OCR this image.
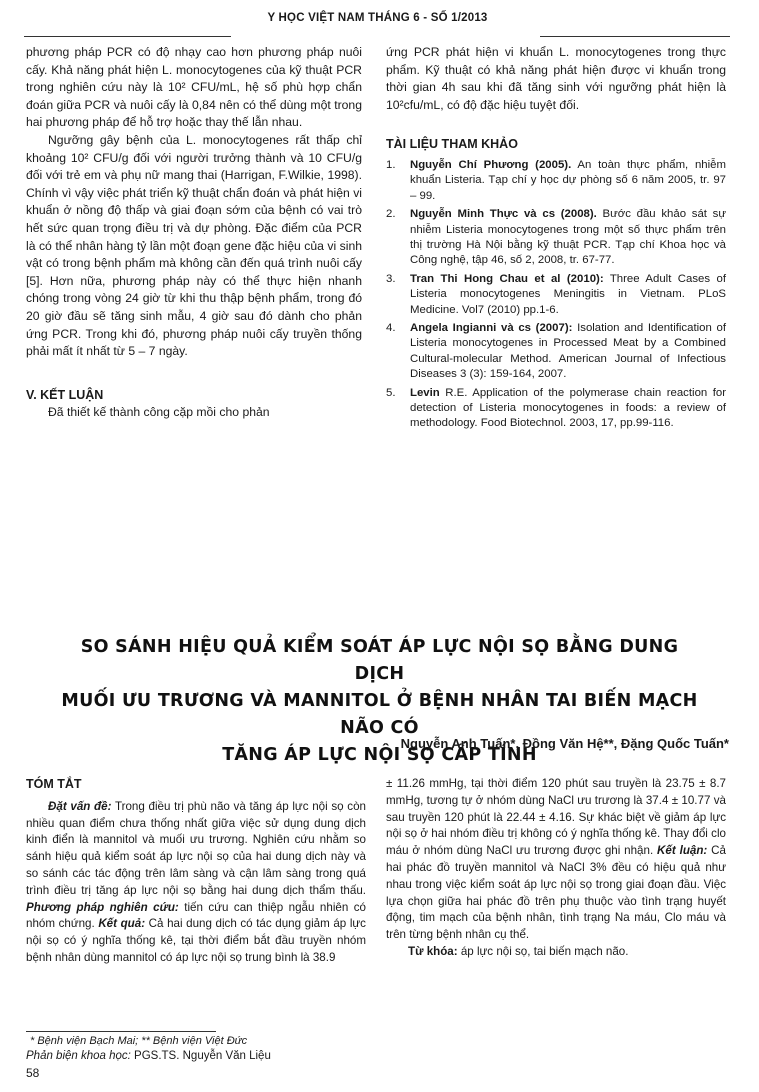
Y HỌC VIỆT NAM THÁNG 6 - SỐ 1/2013

phương pháp PCR có độ nhạy cao hơn phương pháp nuôi cấy. Khả năng phát hiện L. monocytogenes của kỹ thuật PCR trong nghiên cứu này là 10² CFU/mL, hệ số phù hợp chẩn đoán giữa PCR và nuôi cấy là 0,84 nên có thể dùng một trong hai phương pháp để hỗ trợ hoặc thay thế lẫn nhau.

Ngưỡng gây bệnh của L. monocytogenes rất thấp chỉ khoảng 10² CFU/g đối với người trưởng thành và 10 CFU/g đối với trẻ em và phụ nữ mang thai (Harrigan, F.Wilkie, 1998). Chính vì vậy việc phát triển kỹ thuật chẩn đoán và phát hiện vi khuẩn ở nồng độ thấp và giai đoạn sớm của bệnh có vai trò hết sức quan trọng điều trị và dự phòng. Đặc điểm của PCR là có thể nhân hàng tỷ lần một đoạn gene đặc hiệu của vi sinh vật có trong bệnh phẩm mà không cần đến quá trình nuôi cấy [5]. Hơn nữa, phương pháp này có thể thực hiện nhanh chóng trong vòng 24 giờ từ khi thu thập bệnh phẩm, trong đó 20 giờ đầu sẽ tăng sinh mẫu, 4 giờ sau đó dành cho phản ứng PCR. Trong khi đó, phương pháp nuôi cấy truyền thống phải mất ít nhất từ 5 – 7 ngày.

V. KẾT LUẬN

Đã thiết kế thành công cặp mồi cho phản

ứng PCR phát hiện vi khuẩn L. monocytogenes trong thực phẩm. Kỹ thuật có khả năng phát hiện được vi khuẩn trong thời gian 4h sau khi đã tăng sinh với ngưỡng phát hiện là 10²cfu/mL, có độ đặc hiệu tuyệt đối.

TÀI LIỆU THAM KHẢO
1.	Nguyễn Chí Phương (2005). An toàn thực phẩm, nhiễm khuẩn Listeria. Tạp chí y học dự phòng số 6 năm 2005, tr. 97 – 99.
2.	Nguyễn Minh Thực và cs (2008). Bước đầu khảo sát sự nhiễm Listeria monocytogenes trong một số thực phẩm trên thị trường Hà Nội bằng kỹ thuật PCR. Tạp chí Khoa học và Công nghệ, tập 46, số 2, 2008, tr. 67-77.
3.	Tran Thi Hong Chau et al (2010): Three Adult Cases of Listeria monocytogenes Meningitis in Vietnam. PLoS Medicine. Vol7 (2010) pp.1-6.
4.	Angela Ingianni và cs (2007): Isolation and Identification of Listeria monocytogenes in Processed Meat by a Combined Cultural-molecular Method. American Journal of Infectious Diseases 3 (3): 159-164, 2007.
5.	Levin R.E. Application of the polymerase chain reaction for detection of Listeria monocytogenes in foods: a review of methodology. Food Biotechnol. 2003, 17, pp.99-116.
SO SÁNH HIỆU QUẢ KIỂM SOÁT ÁP LỰC NỘI SỌ BẰNG DUNG DỊCH
MUỐI ƯU TRƯƠNG VÀ MANNITOL Ở BỆNH NHÂN TAI BIẾN MẠCH NÃO CÓ
TĂNG ÁP LỰC NỘI SỌ CẤP TÍNH
Nguyễn Anh Tuấn*, Đồng Văn Hệ**, Đặng Quốc Tuấn*
TÓM TẮT

Đặt vấn đề: Trong điều trị phù não và tăng áp lực nội sọ còn nhiều quan điểm chưa thống nhất giữa việc sử dụng dung dịch kinh điển là mannitol và muối ưu trương. Nghiên cứu nhằm so sánh hiệu quả kiểm soát áp lực nội sọ của hai dung dịch này và so sánh các tác động trên lâm sàng và cận lâm sàng trong quá trình điều trị tăng áp lực nội sọ bằng hai dung dịch thẩm thấu. Phương pháp nghiên cứu: tiến cứu can thiệp ngẫu nhiên có nhóm chứng. Kết quả: Cả hai dung dịch có tác dụng giảm áp lực nội sọ có ý nghĩa thống kê, tại thời điểm bắt đầu truyền nhóm bệnh nhân dùng mannitol có áp lực nội sọ trung bình là 38.9

± 11.26 mmHg, tại thời điểm 120 phút sau truyền là 23.75 ± 8.7 mmHg, tương tự ở nhóm dùng NaCl ưu trương là 37.4 ± 10.77 và sau truyền 120 phút là 22.44 ± 4.16. Sự khác biệt về giảm áp lực nội sọ ở hai nhóm điều trị không có ý nghĩa thống kê. Thay đổi clo máu ở nhóm dùng NaCl ưu trương được ghi nhận. Kết luận: Cả hai phác đồ truyền mannitol và NaCl 3% đều có hiệu quả như nhau trong việc kiểm soát áp lực nội sọ trong giai đoạn đầu. Việc lựa chọn giữa hai phác đồ trên phụ thuộc vào tình trạng huyết động, tim mạch của bệnh nhân, tình trạng Na máu, Clo máu và trên từng bệnh nhân cụ thể.

Từ khóa: áp lực nội sọ, tai biến mạch não.

* Bệnh viện Bạch Mai; ** Bệnh viện Việt Đức
Phản biện khoa học: PGS.TS. Nguyễn Văn Liệu
58
